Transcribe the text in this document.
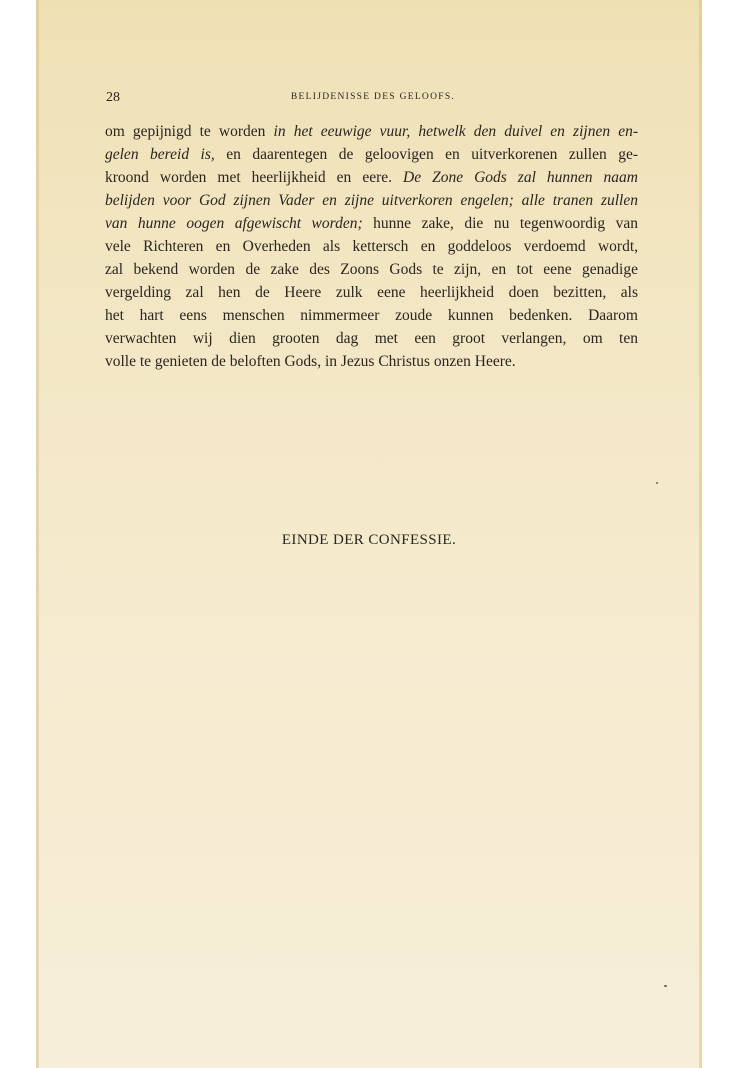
28	BELIJDENISSE DES GELOOFS.
om gepijnigd te worden in het eeuwige vuur, hetwelk den duivel en zijnen en-
gelen bereid is, en daarentegen de geloovigen en uitverkorenen zullen ge-
kroond worden met heerlijkheid en eere. De Zone Gods zal hunnen naam
belijden voor God zijnen Vader en zijne uitverkoren engelen; alle tranen zullen
van hunne oogen afgewischt worden; hunne zake, die nu tegenwoordig van
vele Richteren en Overheden als kettersch en goddeloos verdoemd wordt,
zal bekend worden de zake des Zoons Gods te zijn, en tot eene genadige
vergelding zal hen de Heere zulk eene heerlijkheid doen bezitten, als
het hart eens menschen nimmermeer zoude kunnen bedenken. Daarom
verwachten wij dien grooten dag met een groot verlangen, om ten
volle te genieten de beloften Gods, in Jezus Christus onzen Heere.
EINDE DER CONFESSIE.
